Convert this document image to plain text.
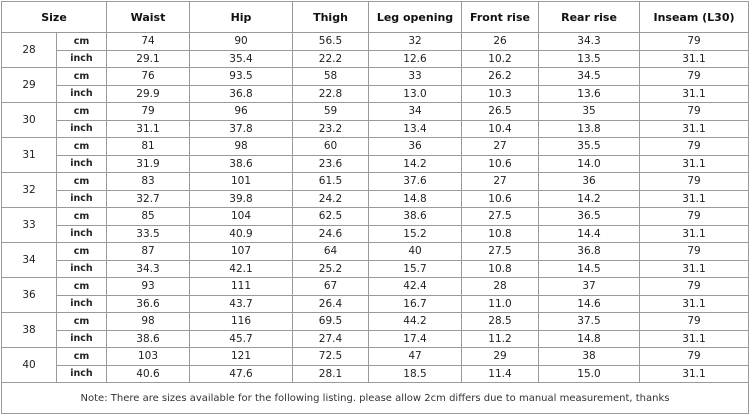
Size		Waist	Hip	Thigh	Leg opening	Front rise	Rear rise	Inseam (L30)	
28	cm	74	90	56.5	32	26	34.3	79	
	inch	29.1	35.4	22.2	12.6	10.2	13.5	31.1	
29	cm	76	93.5	58	33	26.2	34.5	79	
	inch	29.9	36.8	22.8	13.0	10.3	13.6	31.1	
30	cm	79	96	59	34	26.5	35	79	
	inch	31.1	37.8	23.2	13.4	10.4	13.8	31.1	
31	cm	81	98	60	36	27	35.5	79	
	inch	31.9	38.6	23.6	14.2	10.6	14.0	31.1	
32	cm	83	101	61.5	37.6	27	36	79	
	inch	32.7	39.8	24.2	14.8	10.6	14.2	31.1	
33	cm	85	104	62.5	38.6	27.5	36.5	79	
	inch	33.5	40.9	24.6	15.2	10.8	14.4	31.1	
34	cm	87	107	64	40	27.5	36.8	79	
	inch	34.3	42.1	25.2	15.7	10.8	14.5	31.1	
36	cm	93	111	67	42.4	28	37	79	
	inch	36.6	43.7	26.4	16.7	11.0	14.6	31.1	
38	cm	98	116	69.5	44.2	28.5	37.5	79	
	inch	38.6	45.7	27.4	17.4	11.2	14.8	31.1	
40	cm	103	121	72.5	47	29	38	79	
	inch	40.6	47.6	28.1	18.5	11.4	15.0	31.1	
Note: There are sizes available for the following listing. please allow 2cm differs due to manual measurement, thanks									
